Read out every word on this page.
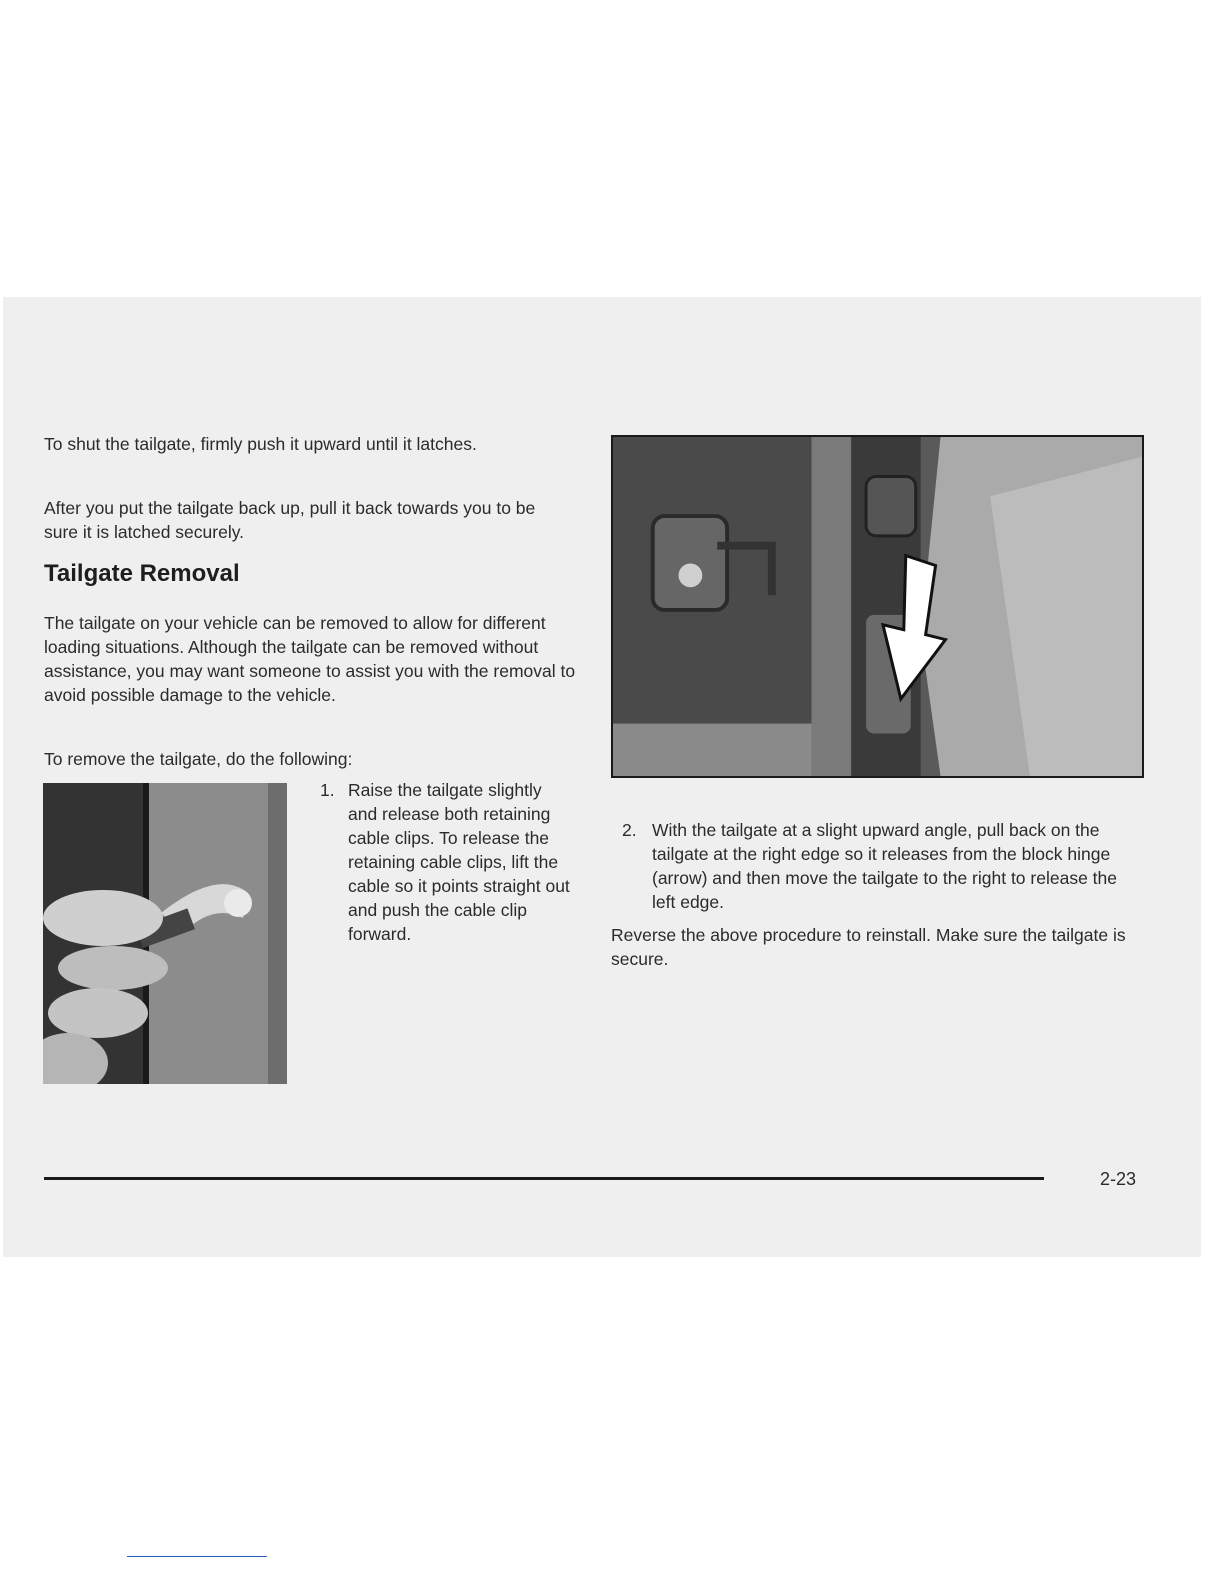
To shut the tailgate, firmly push it upward until it latches.

After you put the tailgate back up, pull it back towards you to be sure it is latched securely.

Tailgate Removal

The tailgate on your vehicle can be removed to allow for different loading situations. Although the tailgate can be removed without assistance, you may want someone to assist you with the removal to avoid possible damage to the vehicle.

To remove the tailgate, do the following:

1. Raise the tailgate slightly and release both retaining cable clips. To release the retaining cable clips, lift the cable so it points straight out and push the cable clip forward.

2. With the tailgate at a slight upward angle, pull back on the tailgate at the right edge so it releases from the block hinge (arrow) and then move the tailgate to the right to release the left edge.

Reverse the above procedure to reinstall. Make sure the tailgate is secure.

2-23
